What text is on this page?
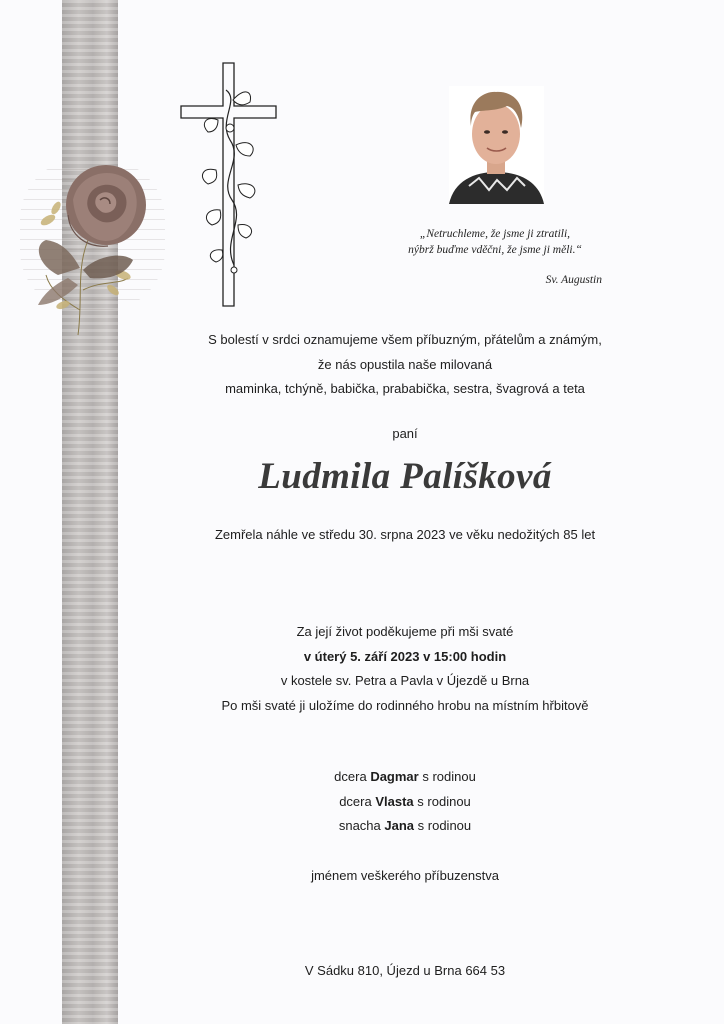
„Netruchleme, že jsme ji ztratili,
nýbrž buďme vděčni, že jsme ji měli.“
Sv. Augustin
S bolestí v srdci oznamujeme všem příbuzným, přátelům a známým,
že nás opustila naše milovaná
maminka, tchýně, babička, prababička, sestra, švagrová a teta
paní
Ludmila Palíšková
Zemřela náhle ve středu 30. srpna 2023 ve věku nedožitých 85 let
Za její život poděkujeme při mši svaté
v úterý 5. září 2023 v 15:00 hodin
v kostele sv. Petra a Pavla v Újezdě u Brna
Po mši svaté ji uložíme do rodinného hrobu na místním hřbitově
dcera Dagmar s rodinou
dcera Vlasta s rodinou
snacha Jana s rodinou
jménem veškerého příbuzenstva
V Sádku 810, Újezd u Brna 664 53
